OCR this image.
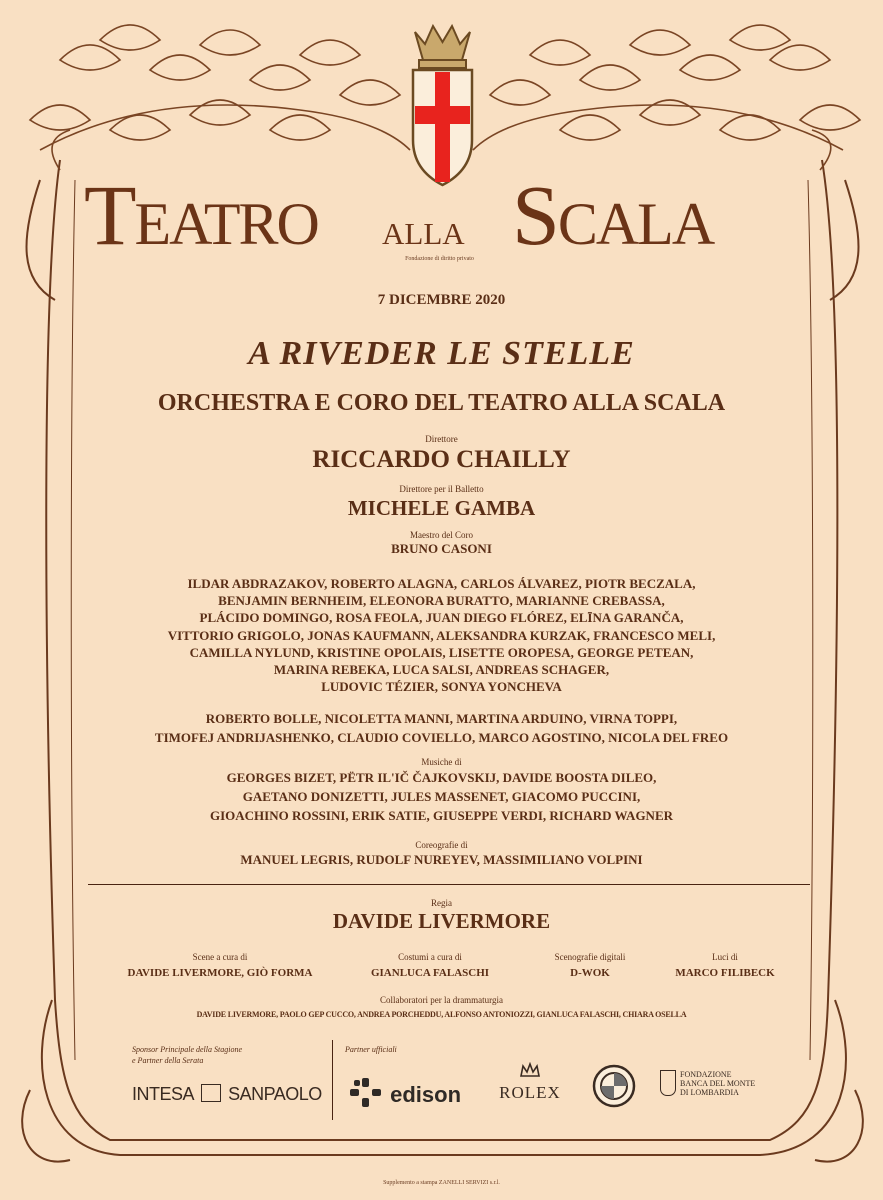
Teatro alla Scala
Fondazione di diritto privato
7 DICEMBRE 2020
A RIVEDER LE STELLE
ORCHESTRA E CORO DEL TEATRO ALLA SCALA
Direttore
RICCARDO CHAILLY
Direttore per il Balletto
MICHELE GAMBA
Maestro del Coro
BRUNO CASONI
ILDAR ABDRAZAKOV, ROBERTO ALAGNA, CARLOS ÁLVAREZ, PIOTR BECZALA,
BENJAMIN BERNHEIM, ELEONORA BURATTO, MARIANNE CREBASSA,
PLÁCIDO DOMINGO, ROSA FEOLA, JUAN DIEGO FLÓREZ, ELĪNA GARANČA,
VITTORIO GRIGOLO, JONAS KAUFMANN, ALEKSANDRA KURZAK, FRANCESCO MELI,
CAMILLA NYLUND, KRISTINE OPOLAIS, LISETTE OROPESA, GEORGE PETEAN,
MARINA REBEKA, LUCA SALSI, ANDREAS SCHAGER,
LUDOVIC TÉZIER, SONYA YONCHEVA
ROBERTO BOLLE, NICOLETTA MANNI, MARTINA ARDUINO, VIRNA TOPPI,
TIMOFEJ ANDRIJASHENKO, CLAUDIO COVIELLO, MARCO AGOSTINO, NICOLA DEL FREO
Musiche di
GEORGES BIZET, PËTR IL'IČ ČAJKOVSKIJ, DAVIDE BOOSTA DILEO,
GAETANO DONIZETTI, JULES MASSENET, GIACOMO PUCCINI,
GIOACHINO ROSSINI, ERIK SATIE, GIUSEPPE VERDI, RICHARD WAGNER
Coreografie di
MANUEL LEGRIS, RUDOLF NUREYEV, MASSIMILIANO VOLPINI
Regia
DAVIDE LIVERMORE
Scene a cura di
DAVIDE LIVERMORE, GIÒ FORMA
Costumi a cura di
GIANLUCA FALASCHI
Scenografie digitali
D-WOK
Luci di
MARCO FILIBECK
Collaboratori per la drammaturgia
DAVIDE LIVERMORE, PAOLO GEP CUCCO, ANDREA PORCHEDDU, ALFONSO ANTONIOZZI, GIANLUCA FALASCHI, CHIARA OSELLA
Sponsor Principale della Stagione
e Partner della Serata
INTESA SANPAOLO
Partner ufficiali
edison	ROLEX
FONDAZIONE
BANCA DEL MONTE
DI LOMBARDIA
Supplemento a stampa ZANELLI SERVIZI s.r.l.
